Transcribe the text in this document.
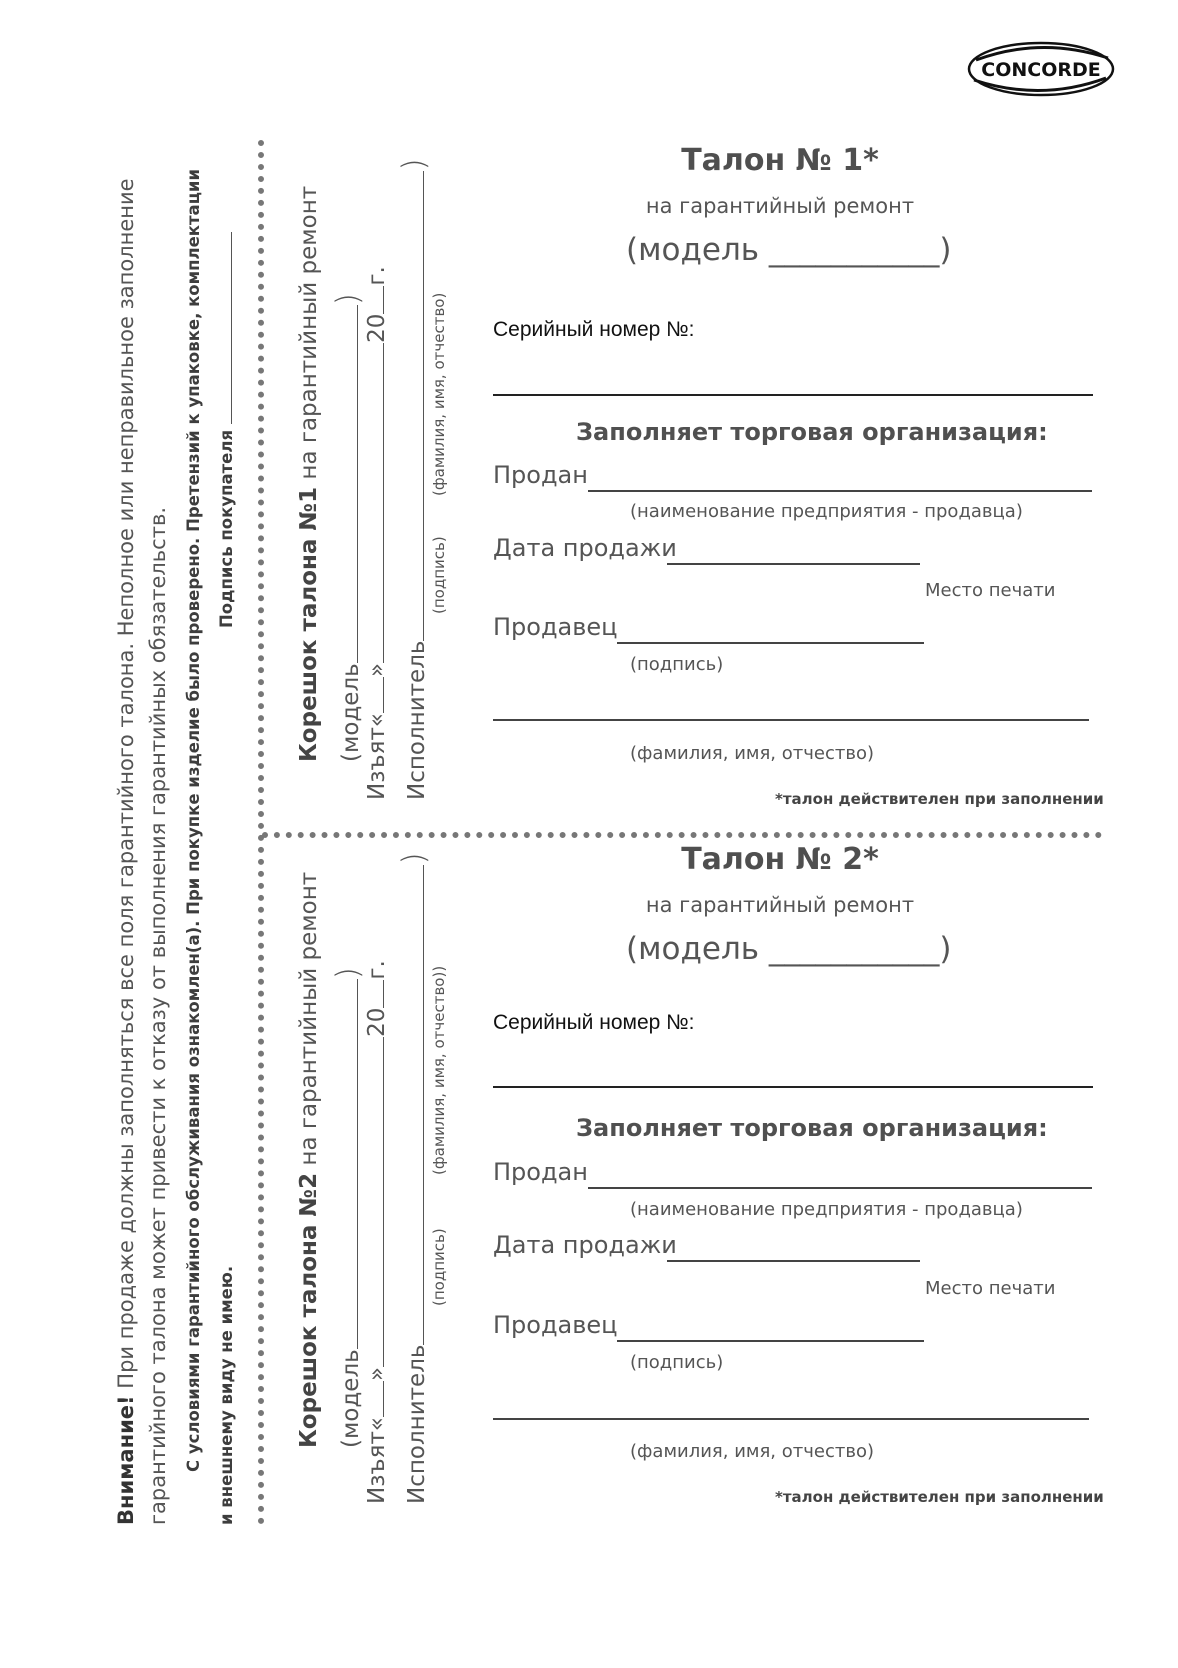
CONCORDE
Талон № 1*
на гарантийный ремонт
(модель ___________)
Серийный номер №:
Заполняет торговая организация:
Продан
(наименование предприятия - продавца)
Дата продажи
Место печати
Продавец
(подпись)
(фамилия, имя, отчество)
*талон действителен при заполнении
Талон № 2*
на гарантийный ремонт
(модель ___________)
Серийный номер №:
Заполняет торговая организация:
Продан
(наименование предприятия - продавца)
Дата продажи
Место печати
Продавец
(подпись)
(фамилия, имя, отчество)
*талон действителен при заполнении
Внимание! При продаже должны заполняться все поля гарантийного талона. Неполное или неправильное заполнение гарантийного талона может привести к отказу от выполнения гарантийных обязательств. С условиями гарантийного обслуживания ознакомлен(а). При покупке изделие было проверено. Претензий к упаковке, комплектации и внешнему виду не имею.
Подпись покупателя	Корешок талона №1 на гарантийный ремонт
(модель)
Изъят«»20г.
Исполнитель)
(подпись)
(фамилия, имя, отчество)
Корешок талона №2 на гарантийный ремонт
(модель)
Изъят«»20г.
Исполнитель)
(подпись)
(фамилия, имя, отчество))
